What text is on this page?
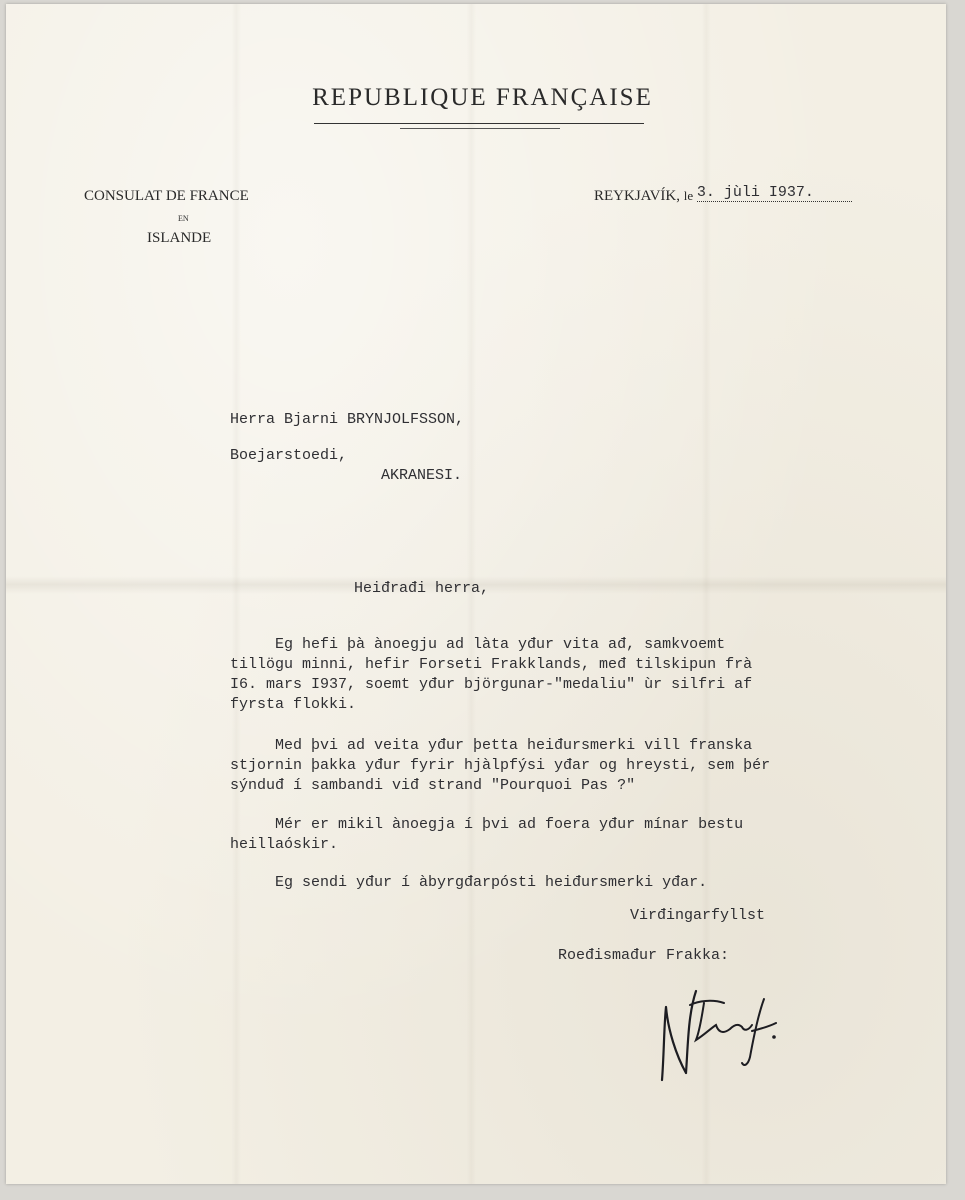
REPUBLIQUE FRANÇAISE
CONSULAT DE FRANCE
EN
ISLANDE
REYKJAVÍK, le 3. jùli I937.
Herra Bjarni BRYNJOLFSSON,
Boejarstoedi,
AKRANESI.
Heiđrađi herra,
Eg hefi þà ànoegju ad làta yđur vita ađ, samkvoemt
tillögu minni, hefir Forseti Frakklands, međ tilskipun frà
I6. mars I937, soemt yđur björgunar-"medaliu" ùr silfri af
fyrsta flokki.
Med þvi ad veita yđur þetta heiđursmerki vill franska
stjornin þakka yđur fyrir hjàlpfýsi yđar og hreysti, sem þér
sýnduđ í sambandi viđ strand "Pourquoi Pas ?"
Mér er mikil ànoegja í þvi ad foera yđur mínar bestu
heillaóskir.
Eg sendi yđur í àbyrgđarpósti heiđursmerki yđar.
Virđingarfyllst
Roeđismađur Frakka:
